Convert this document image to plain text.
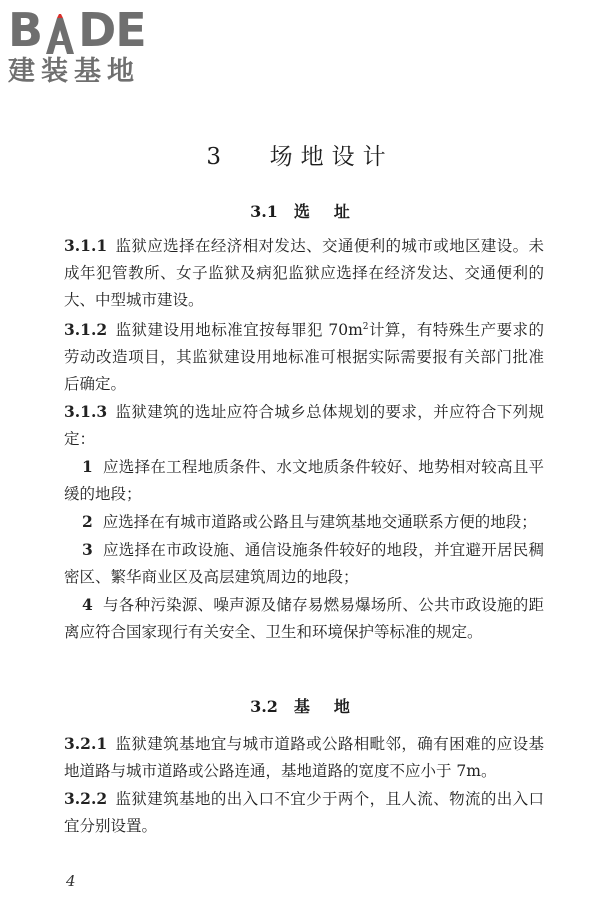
B DE
建装基地
3 场地设计
3.1 选 址
3.1.1 监狱应选择在经济相对发达、交通便利的城市或地区建设。未成年犯管教所、女子监狱及病犯监狱应选择在经济发达、交通便利的大、中型城市建设。
3.1.2 监狱建设用地标准宜按每罪犯 $70m^2$计算，有特殊生产要求的劳动改造项目，其监狱建设用地标准可根据实际需要报有关部门批准后确定。
3.1.3 监狱建筑的选址应符合城乡总体规划的要求，并应符合下列规定：
1 应选择在工程地质条件、水文地质条件较好、地势相对较高且平缓的地段；
2 应选择在有城市道路或公路且与建筑基地交通联系方便的地段；
3 应选择在市政设施、通信设施条件较好的地段，并宜避开居民稠密区、繁华商业区及高层建筑周边的地段；
4 与各种污染源、噪声源及储存易燃易爆场所、公共市政设施的距离应符合国家现行有关安全、卫生和环境保护等标准的规定。
3.2 基 地
3.2.1 监狱建筑基地宜与城市道路或公路相毗邻，确有困难的应设基地道路与城市道路或公路连通，基地道路的宽度不应小于 7m。
3.2.2 监狱建筑基地的出入口不宜少于两个，且人流、物流的出入口宜分别设置。
4
